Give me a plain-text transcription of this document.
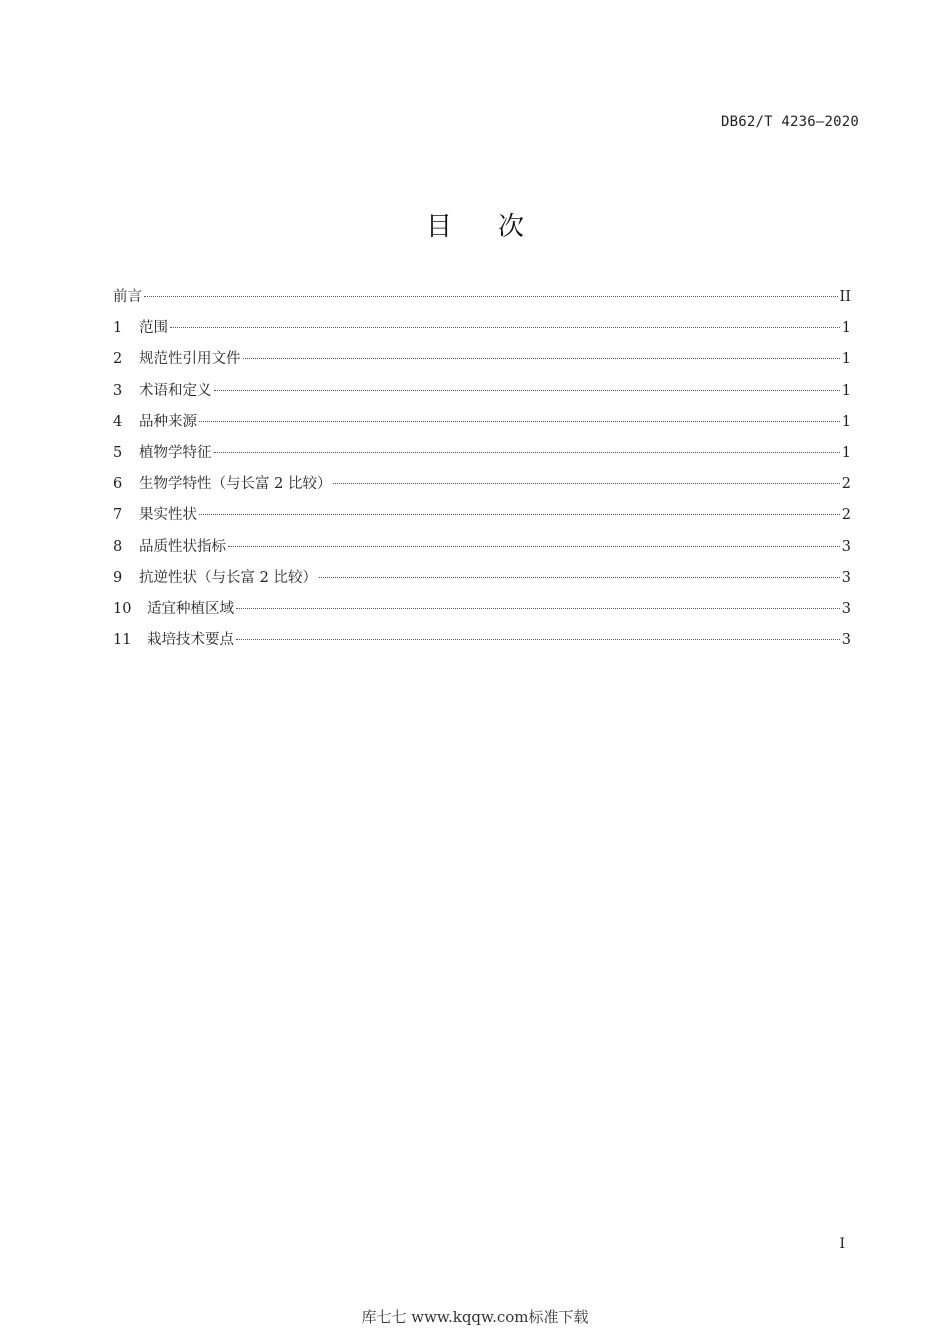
DB62/T 4236—2020
目 次
前言	II
1	范围	1
2	规范性引用文件	1
3	术语和定义	1
4	品种来源	1
5	植物学特征	1
6	生物学特性（与长富 2 比较）	2
7	果实性状	2
8	品质性状指标	3
9	抗逆性状（与长富 2 比较）	3
10	适宜种植区域	3
11	栽培技术要点	3
I
库七七 www.kqqw.com标准下载
